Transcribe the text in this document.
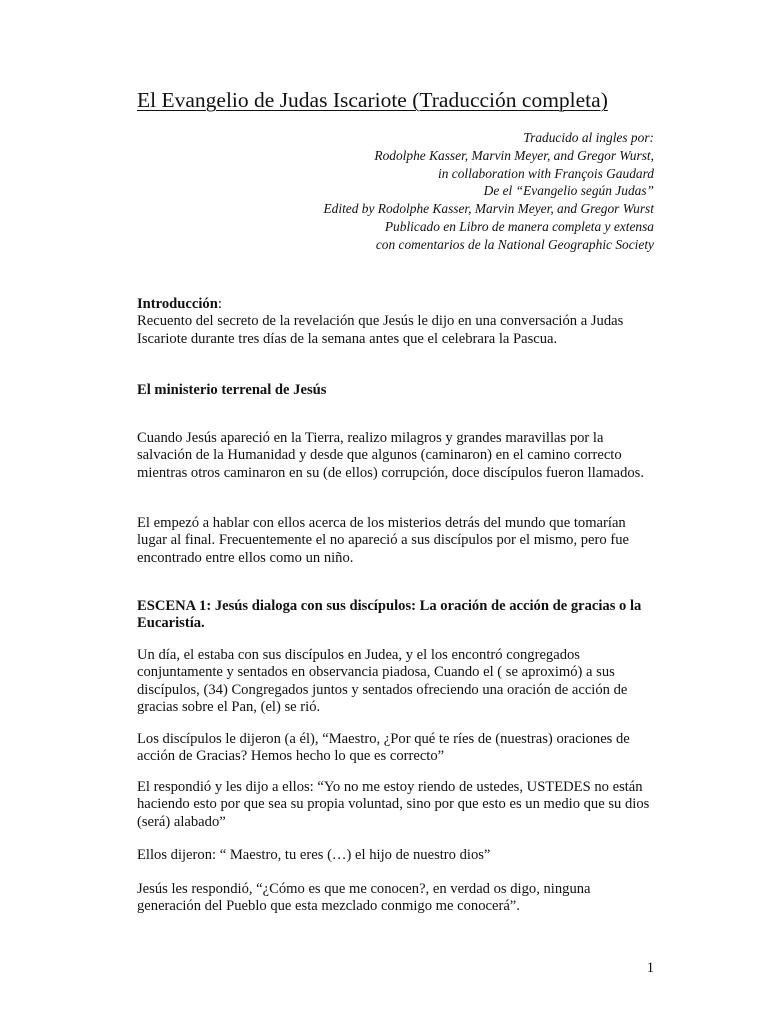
El Evangelio de Judas Iscariote (Traducción completa)
Traducido al ingles por:
Rodolphe Kasser, Marvin Meyer, and Gregor Wurst,
in collaboration with François Gaudard
De el “Evangelio según Judas”
Edited by Rodolphe Kasser, Marvin Meyer, and Gregor Wurst
Publicado en Libro de manera completa y extensa
con comentarios de la National Geographic Society
Introducción:
Recuento del secreto de la revelación que Jesús le dijo en una conversación a Judas
Iscariote durante tres días de la semana antes que el celebrara la Pascua.
El ministerio terrenal de Jesús
Cuando Jesús apareció en la Tierra, realizo milagros y grandes maravillas por la
salvación de la Humanidad y desde que algunos (caminaron) en el camino correcto
mientras otros caminaron en su (de ellos) corrupción, doce discípulos fueron llamados.
El empezó a hablar con ellos acerca de los misterios detrás del mundo que tomarían
lugar al final. Frecuentemente el no apareció a sus discípulos por el mismo, pero fue
encontrado entre ellos como un niño.
ESCENA 1: Jesús dialoga con sus discípulos: La oración de acción de gracias o la
Eucaristía.
Un día, el estaba con sus discípulos en Judea, y el los encontró congregados
conjuntamente y sentados en observancia piadosa, Cuando el ( se aproximó) a sus
discípulos, (34) Congregados juntos y sentados ofreciendo una oración de acción de
gracias sobre el Pan, (el) se rió.
Los discípulos le dijeron (a él), “Maestro, ¿Por qué te ríes de (nuestras) oraciones de
acción de Gracias? Hemos hecho lo que es correcto”
El respondió y les dijo a ellos: “Yo no me estoy riendo de ustedes, USTEDES no están
haciendo esto por que sea su propia voluntad, sino por que esto es un medio que su dios
(será) alabado”
Ellos dijeron: “ Maestro, tu eres (…) el hijo de nuestro dios”
Jesús les respondió, “¿Cómo es que me conocen?, en verdad os digo, ninguna
generación del Pueblo que esta mezclado conmigo me conocerá”.
1
